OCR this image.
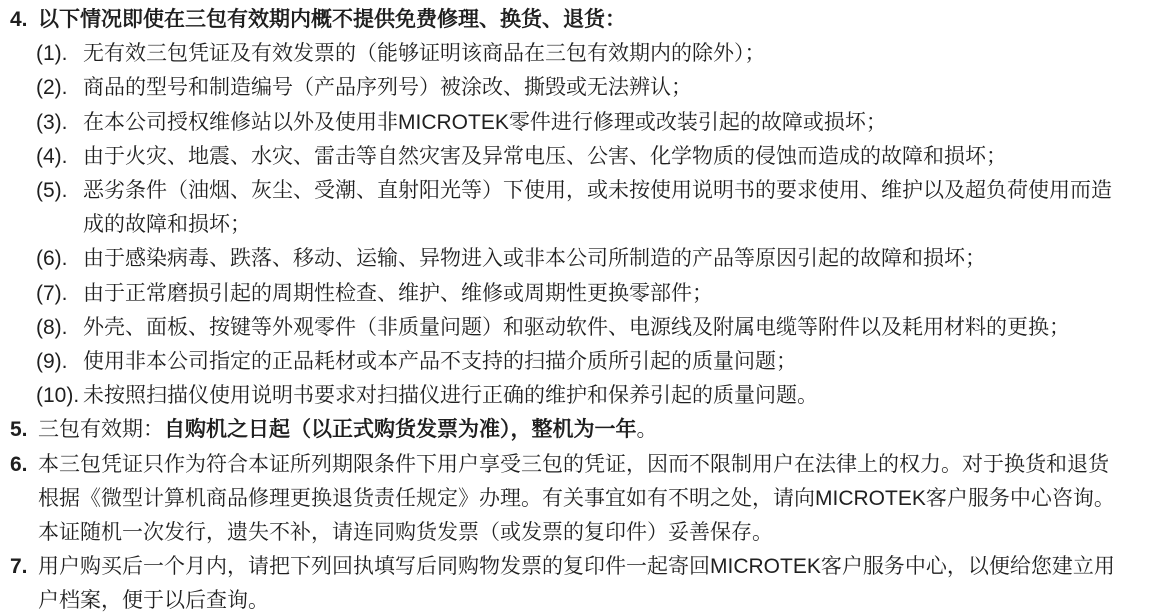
4. 以下情况即使在三包有效期内概不提供免费修理、换货、退货：
(1). 无有效三包凭证及有效发票的（能够证明该商品在三包有效期内的除外）；
(2). 商品的型号和制造编号（产品序列号）被涂改、撕毁或无法辨认；
(3). 在本公司授权维修站以外及使用非MICROTEK零件进行修理或改装引起的故障或损坏；
(4). 由于火灾、地震、水灾、雷击等自然灾害及异常电压、公害、化学物质的侵蚀而造成的故障和损坏；
(5). 恶劣条件（油烟、灰尘、受潮、直射阳光等）下使用，或未按使用说明书的要求使用、维护以及超负荷使用而造
成的故障和损坏；
(6). 由于感染病毒、跌落、移动、运输、异物进入或非本公司所制造的产品等原因引起的故障和损坏；
(7). 由于正常磨损引起的周期性检查、维护、维修或周期性更换零部件；
(8). 外壳、面板、按键等外观零件（非质量问题）和驱动软件、电源线及附属电缆等附件以及耗用材料的更换；
(9). 使用非本公司指定的正品耗材或本产品不支持的扫描介质所引起的质量问题；
(10). 未按照扫描仪使用说明书要求对扫描仪进行正确的维护和保养引起的质量问题。
5. 三包有效期：自购机之日起（以正式购货发票为准），整机为一年。
6. 本三包凭证只作为符合本证所列期限条件下用户享受三包的凭证，因而不限制用户在法律上的权力。对于换货和退货
根据《微型计算机商品修理更换退货责任规定》办理。有关事宜如有不明之处，请向MICROTEK客户服务中心咨询。
本证随机一次发行，遗失不补，请连同购货发票（或发票的复印件）妥善保存。
7. 用户购买后一个月内，请把下列回执填写后同购物发票的复印件一起寄回MICROTEK客户服务中心，以便给您建立用
户档案，便于以后查询。
